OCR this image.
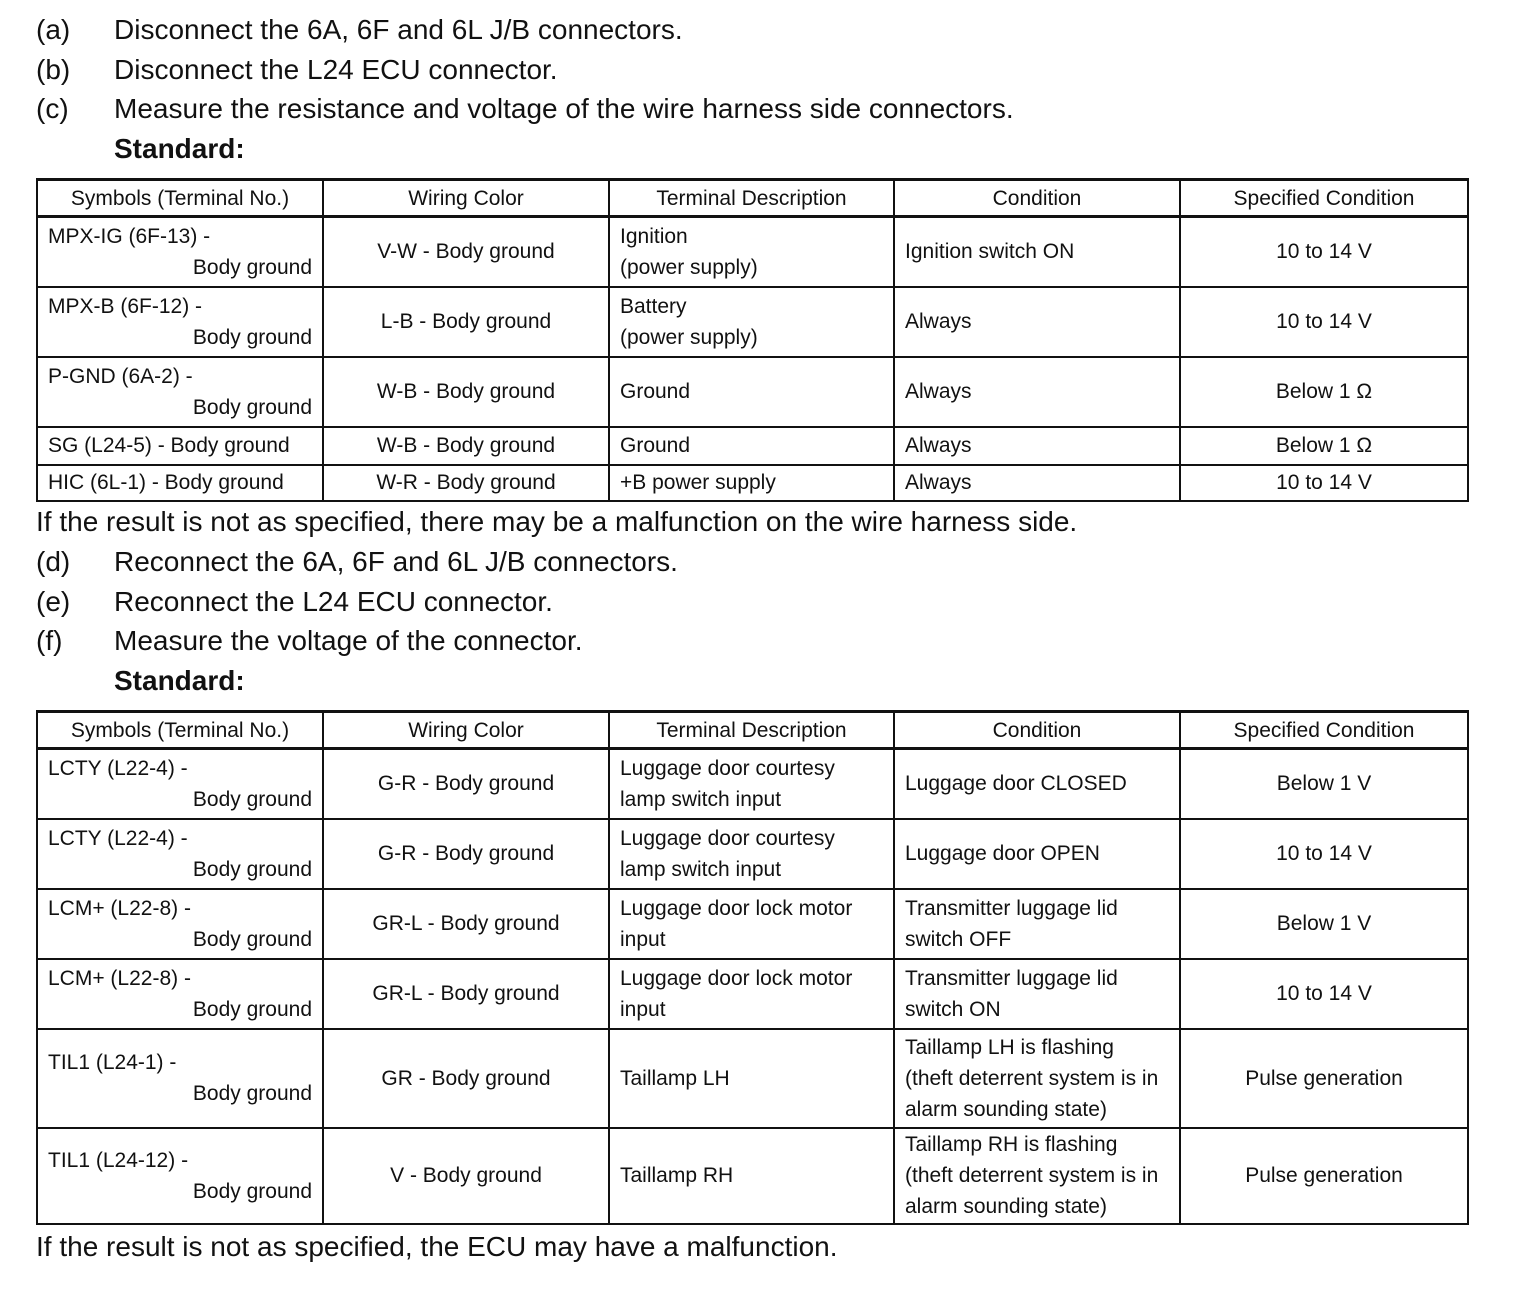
(a) Disconnect the 6A, 6F and 6L J/B connectors.
(b) Disconnect the L24 ECU connector.
(c) Measure the resistance and voltage of the wire harness side connectors.
Standard:
Symbols (Terminal No.)	Wiring Color	Terminal Description	Condition	Specified Condition

MPX-IG (6F-13) -
Body ground	V-W - Body ground	Ignition
(power supply)	Ignition switch ON	10 to 14 V

MPX-B (6F-12) -
Body ground	L-B - Body ground	Battery
(power supply)	Always	10 to 14 V

P-GND (6A-2) -
Body ground	W-B - Body ground	Ground	Always	Below 1 Ω
SG (L24-5) - Body ground	W-B - Body ground	Ground	Always	Below 1 Ω
HIC (6L-1) - Body ground	W-R - Body ground	+B power supply	Always	10 to 14 V
If the result is not as specified, there may be a malfunction on the wire harness side.
(d) Reconnect the 6A, 6F and 6L J/B connectors.
(e) Reconnect the L24 ECU connector.
(f) Measure the voltage of the connector.
Standard:
Symbols (Terminal No.)	Wiring Color	Terminal Description	Condition	Specified Condition

LCTY (L22-4) -
Body ground	G-R - Body ground	Luggage door courtesy
lamp switch input	Luggage door CLOSED	Below 1 V

LCTY (L22-4) -
Body ground	G-R - Body ground	Luggage door courtesy
lamp switch input	Luggage door OPEN	10 to 14 V

LCM+ (L22-8) -
Body ground	GR-L - Body ground	Luggage door lock motor
input	Transmitter luggage lid
switch OFF	Below 1 V

LCM+ (L22-8) -
Body ground	GR-L - Body ground	Luggage door lock motor
input	Transmitter luggage lid
switch ON	10 to 14 V

TIL1 (L24-1) -
Body ground	GR - Body ground	Taillamp LH	Taillamp LH is flashing
(theft deterrent system is in
alarm sounding state)	Pulse generation

TIL1 (L24-12) -
Body ground	V - Body ground	Taillamp RH	Taillamp RH is flashing
(theft deterrent system is in
alarm sounding state)	Pulse generation
If the result is not as specified, the ECU may have a malfunction.
